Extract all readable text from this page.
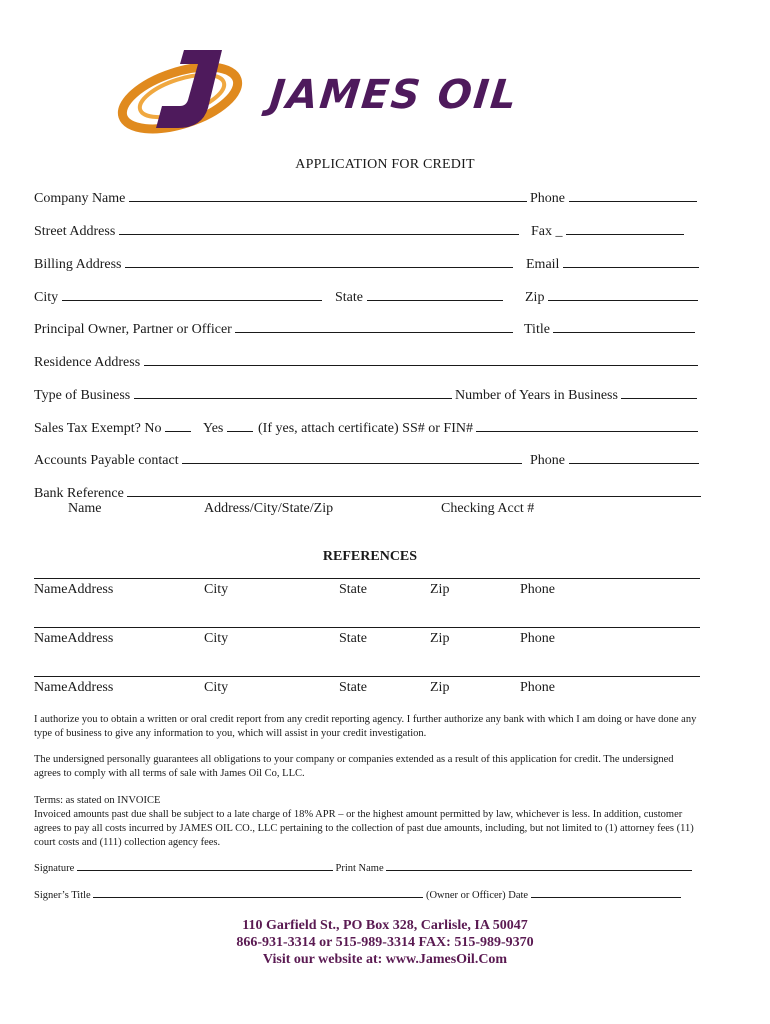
JAMES OIL
APPLICATION FOR CREDIT
Company Name	Phone
Street Address	Fax _
Billing Address	Email
City	State	Zip
Principal Owner, Partner or Officer	Title
Residence Address
Type of Business	Number of Years in Business
Sales Tax Exempt? No	Yes	(If yes, attach certificate) SS# or FIN#
Accounts Payable contact	Phone
Bank Reference
Name	Address/City/State/Zip	Checking Acct #
REFERENCES
NameAddress	City	State	Zip	Phone
NameAddress	City	State	Zip	Phone
NameAddress	City	State	Zip	Phone

I authorize you to obtain a written or oral credit report from any credit reporting agency. I further authorize any bank with which I am doing or have done any type of business to give any information to you, which will assist in your credit investigation.

The undersigned personally guarantees all obligations to your company or companies extended as a result of this application for credit. The undersigned agrees to comply with all terms of sale with James Oil Co, LLC.

Terms: as stated on INVOICE

Invoiced amounts past due shall be subject to a late charge of 18% APR – or the highest amount permitted by law, whichever is less. In addition, customer agrees to pay all costs incurred by JAMES OIL CO., LLC pertaining to the collection of past due amounts, including, but not limited to (1) attorney fees (11) court costs and (111) collection agency fees.

Signature	Print Name
Signer’s Title	(Owner or Officer) Date
110 Garfield St., PO Box 328, Carlisle, IA 50047
866-931-3314 or 515-989-3314 FAX: 515-989-9370
Visit our website at: www.JamesOil.Com
